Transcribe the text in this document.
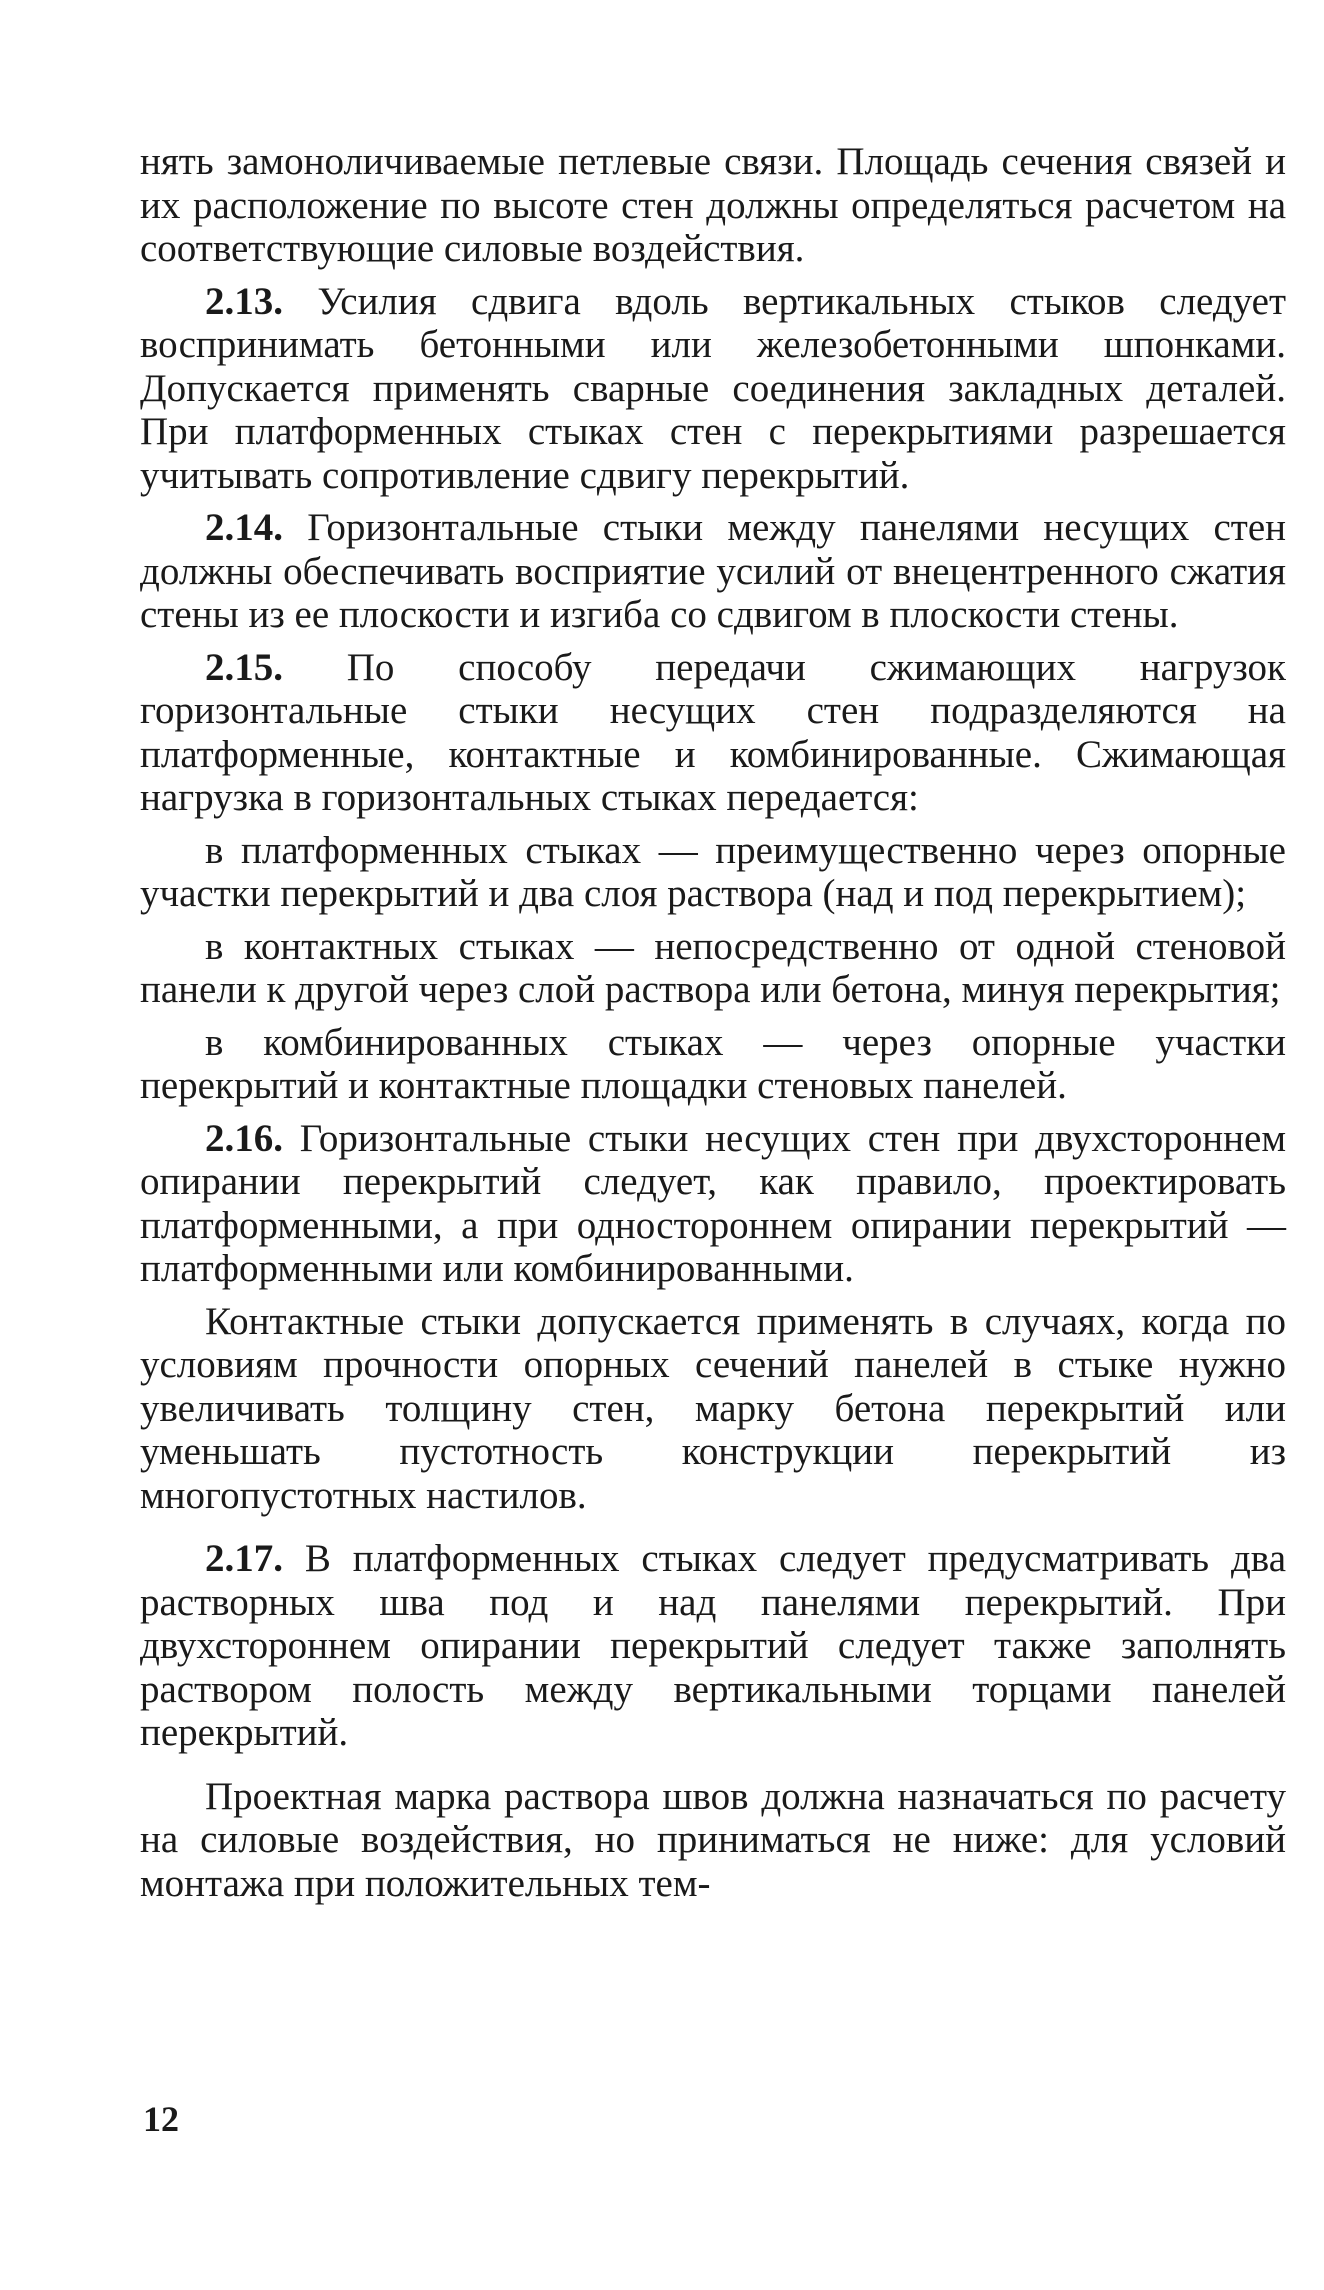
нять замоноличиваемые петлевые связи. Площадь сечения связей и их расположение по высоте стен должны определяться расчетом на соответствующие силовые воздействия.

2.13. Усилия сдвига вдоль вертикальных стыков следует воспринимать бетонными или железобетонными шпонками. Допускается применять сварные соединения закладных деталей. При платформенных стыках стен с перекрытиями разрешается учитывать сопротивление сдвигу перекрытий.

2.14. Горизонтальные стыки между панелями несущих стен должны обеспечивать восприятие усилий от внецентренного сжатия стены из ее плоскости и изгиба со сдвигом в плоскости стены.

2.15. По способу передачи сжимающих нагрузок горизонтальные стыки несущих стен подразделяются на платформенные, контактные и комбинированные. Сжимающая нагрузка в горизонтальных стыках передается:

в платформенных стыках — преимущественно через опорные участки перекрытий и два слоя раствора (над и под перекрытием);

в контактных стыках — непосредственно от одной стеновой панели к другой через слой раствора или бетона, минуя перекрытия;

в комбинированных стыках — через опорные участки перекрытий и контактные площадки стеновых панелей.

2.16. Горизонтальные стыки несущих стен при двухстороннем опирании перекрытий следует, как правило, проектировать платформенными, а при одностороннем опирании перекрытий — платформенными или комбинированными.

Контактные стыки допускается применять в случаях, когда по условиям прочности опорных сечений панелей в стыке нужно увеличивать толщину стен, марку бетона перекрытий или уменьшать пустотность конструкции перекрытий из многопустотных настилов.

2.17. В платформенных стыках следует предусматривать два растворных шва под и над панелями перекрытий. При двухстороннем опирании перекрытий следует также заполнять раствором полость между вертикальными торцами панелей перекрытий.

Проектная марка раствора швов должна назначаться по расчету на силовые воздействия, но приниматься не ниже: для условий монтажа при положительных тем-

12
